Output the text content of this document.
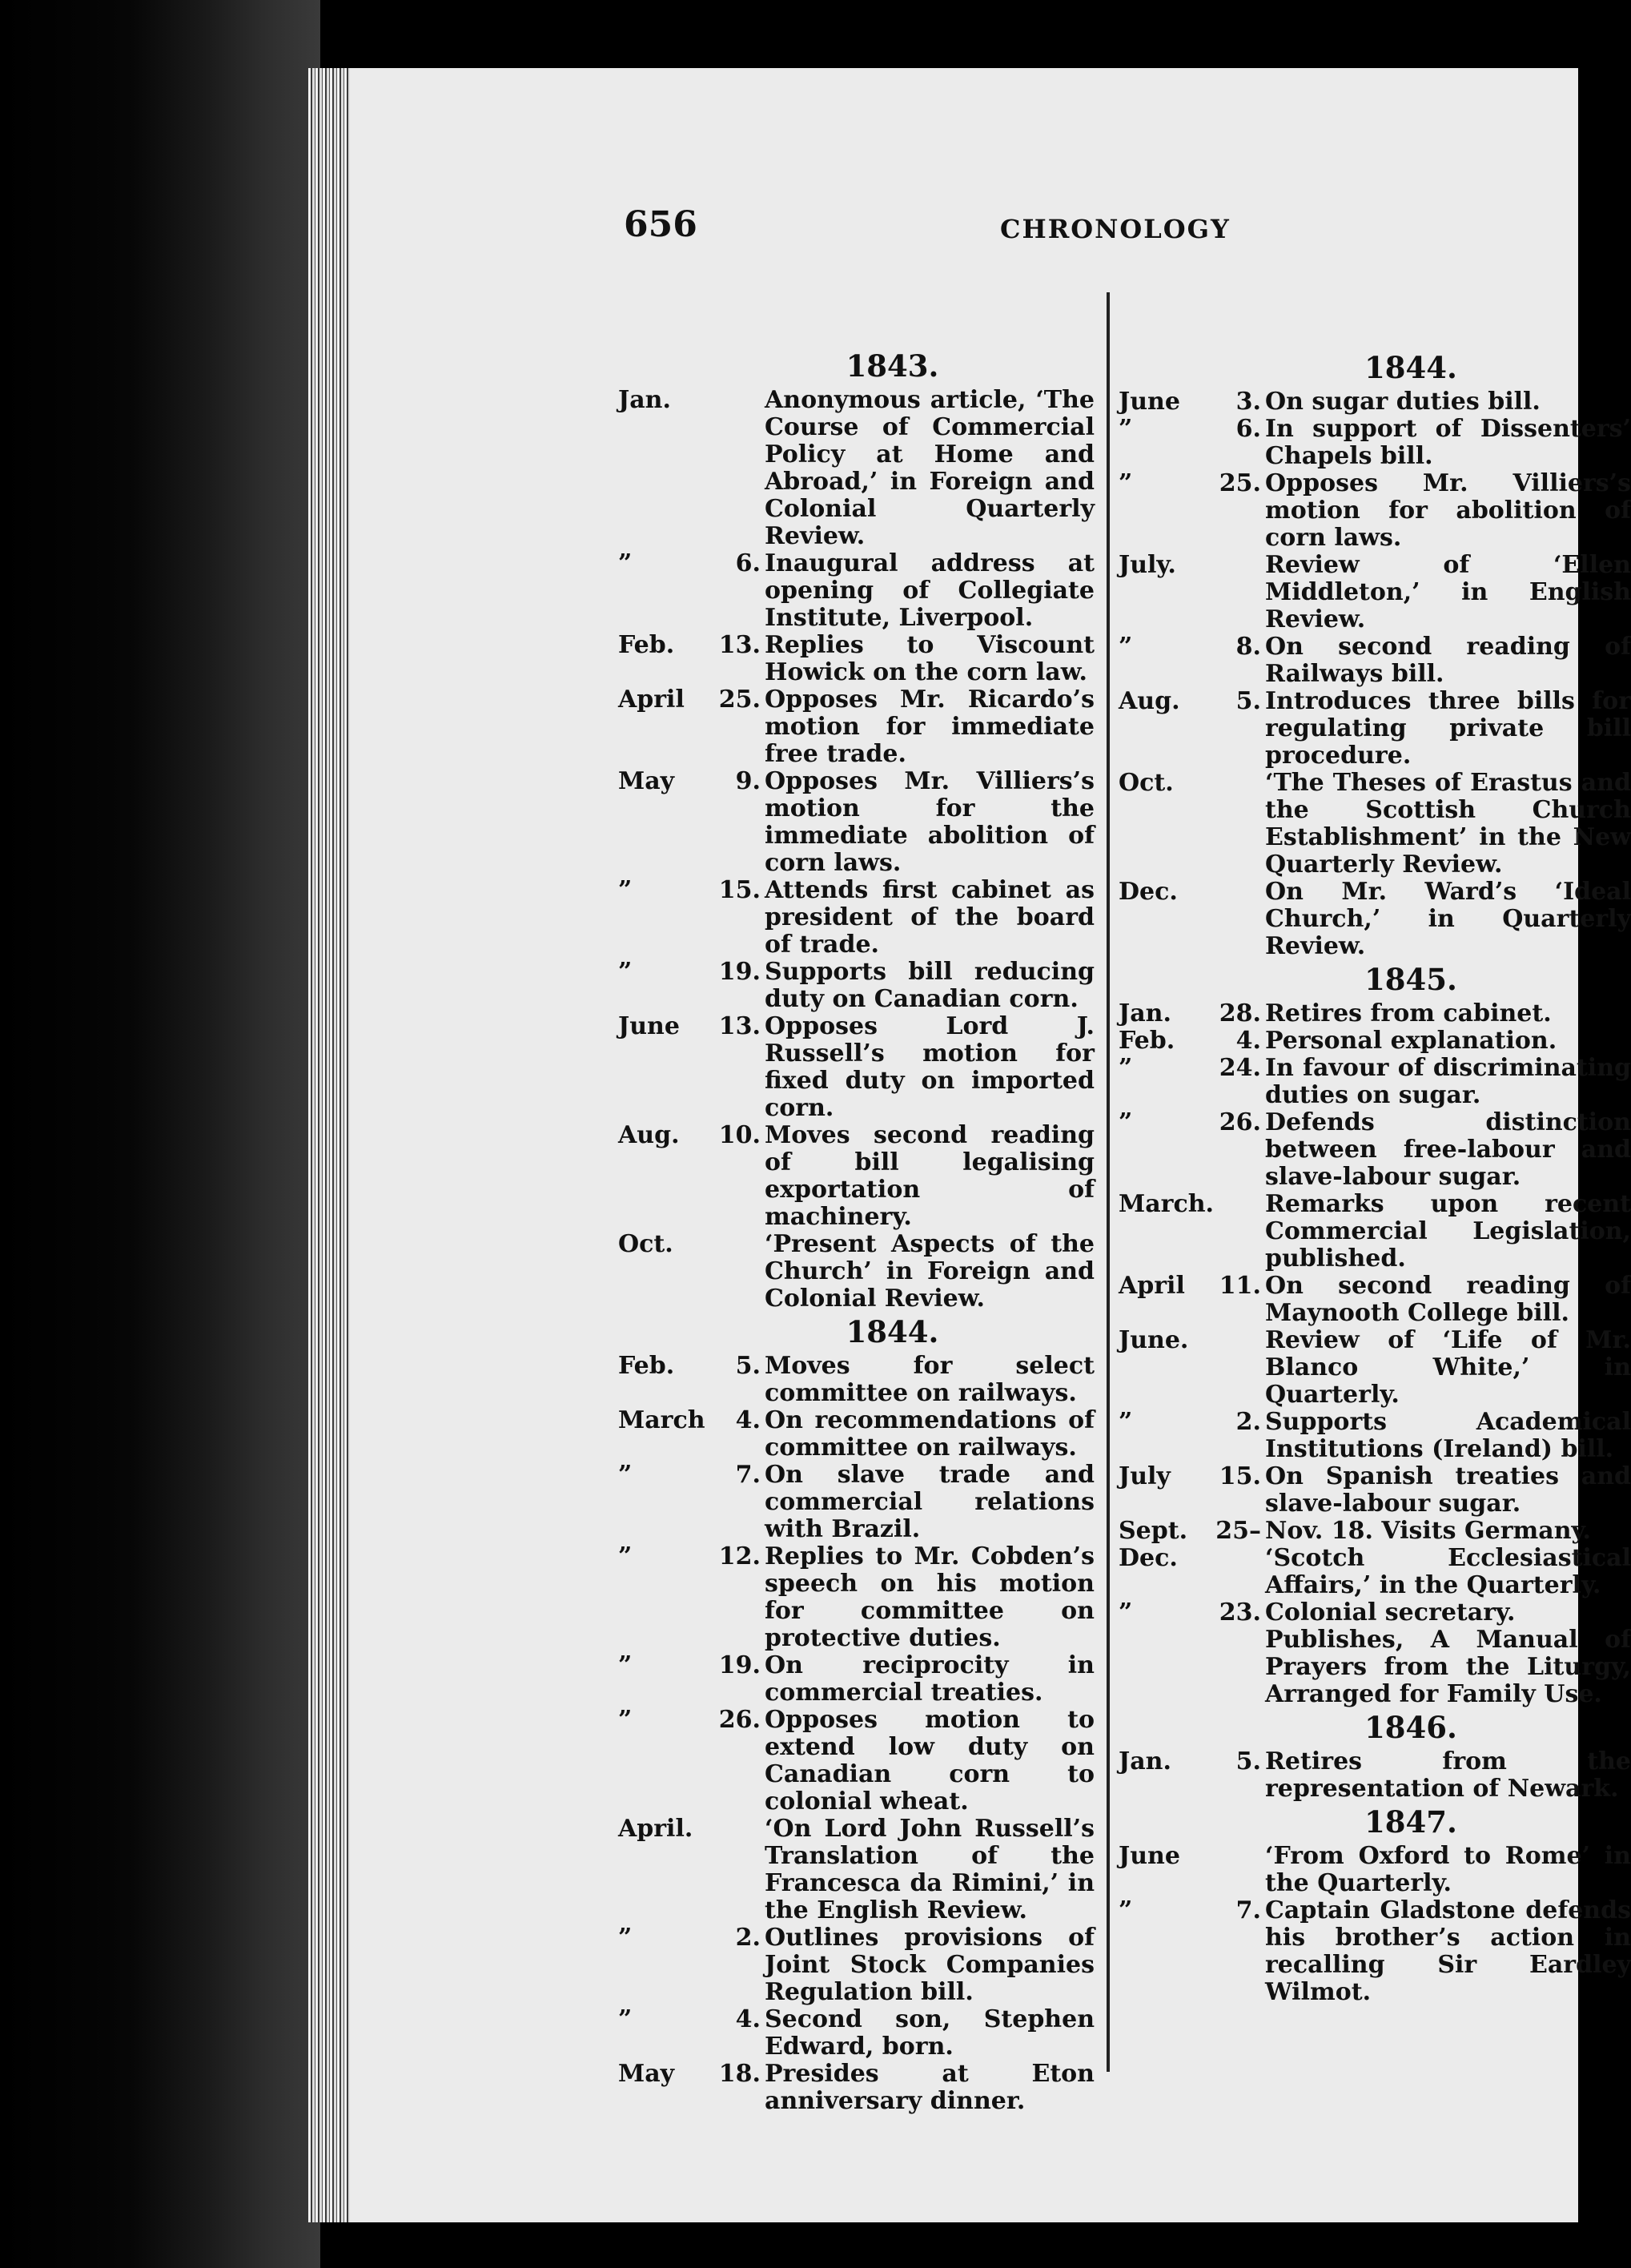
656	CHRONOLOGY
1843.
Jan.	Anonymous article, ‘The Course of Commercial Policy at Home and Abroad,’ in Foreign and Colonial Quarterly Review.
”	6. Inaugural address at opening of Collegiate Institute, Liverpool.
Feb.	13. Replies to Viscount Howick on the corn law.
April	25. Opposes Mr. Ricardo’s motion for immediate free trade.
May	9. Opposes Mr. Villiers’s motion for the immediate abolition of corn laws.
”	15. Attends first cabinet as president of the board of trade.
”	19. Supports bill reducing duty on Canadian corn.
June	13. Opposes Lord J. Russell’s motion for fixed duty on imported corn.
Aug.	10. Moves second reading of bill legalising exportation of machinery.
Oct.	‘Present Aspects of the Church’ in Foreign and Colonial Review.
1844.
Feb.	5. Moves for select committee on railways.
March	4. On recommendations of committee on railways.
”	7. On slave trade and commercial relations with Brazil.
”	12. Replies to Mr. Cobden’s speech on his motion for committee on protective duties.
”	19. On reciprocity in commercial treaties.
”	26. Opposes motion to extend low duty on Canadian corn to colonial wheat.
April.	‘On Lord John Russell’s Translation of the Francesca da Rimini,’ in the English Review.
”	2. Outlines provisions of Joint Stock Companies Regulation bill.
”	4. Second son, Stephen Edward, born.
May	18. Presides at Eton anniversary dinner.
1844.
June	3. On sugar duties bill.
”	6. In support of Dissenters’ Chapels bill.
”	25. Opposes Mr. Villiers’s motion for abolition of corn laws.
July.	Review of ‘Ellen Middleton,’ in English Review.
”	8. On second reading of Railways bill.
Aug.	5. Introduces three bills for regulating private bill procedure.
Oct.	‘The Theses of Erastus and the Scottish Church Establishment’ in the New Quarterly Review.
Dec.	On Mr. Ward’s ‘Ideal Church,’ in Quarterly Review.
1845.
Jan.	28. Retires from cabinet.
Feb.	4. Personal explanation.
”	24. In favour of discriminating duties on sugar.
”	26. Defends distinction between free-labour and slave-labour sugar.
March. Remarks upon recent Commercial Legislation, published.
April	11. On second reading of Maynooth College bill.
June.	Review of ‘Life of Mr. Blanco White,’ in Quarterly.
”	2. Supports Academical Institutions (Ireland) bill.
July	15. On Spanish treaties and slave-labour sugar.
Sept.	25– Nov. 18. Visits Germany.
Dec.	‘Scotch Ecclesiastical Affairs,’ in the Quarterly.
”	23. Colonial secretary.
Publishes, A Manual of Prayers from the Liturgy, Arranged for Family Use.
1846.
Jan.	5. Retires from the representation of Newark.
1847.
June	‘From Oxford to Rome’ in the Quarterly.
”	7. Captain Gladstone defends his brother’s action in recalling Sir Eardley Wilmot.
